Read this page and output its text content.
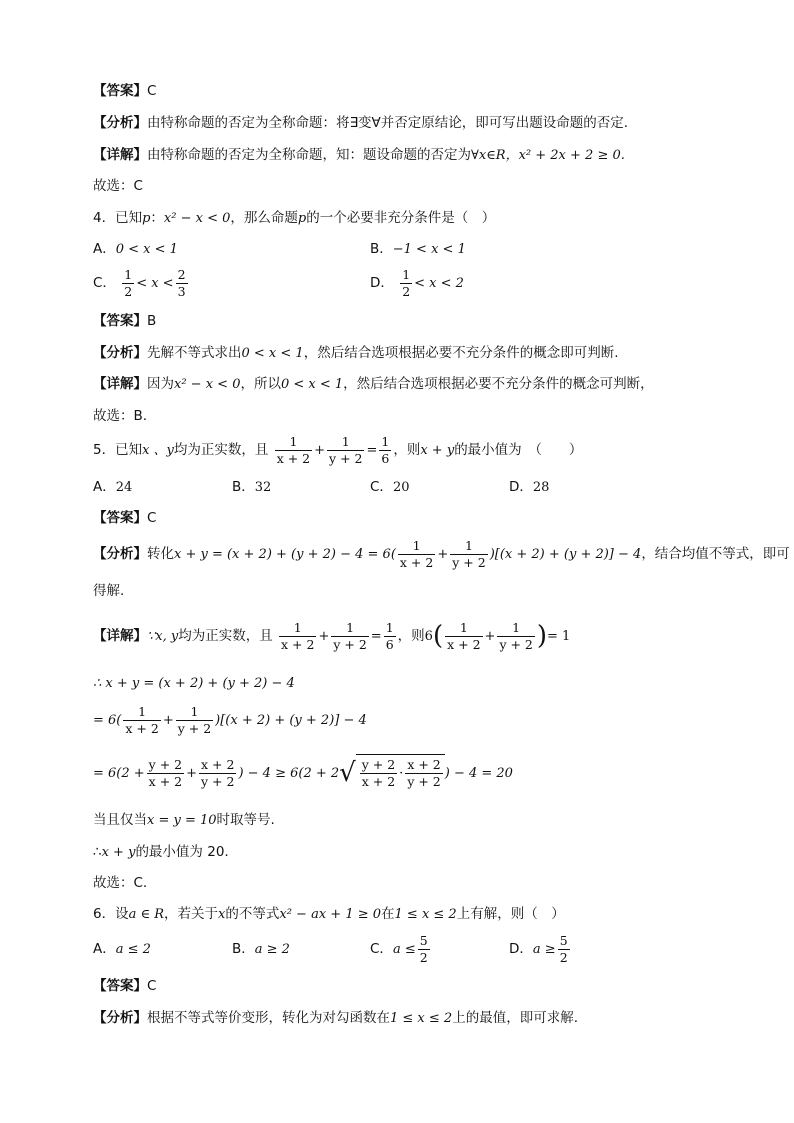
【答案】C
【分析】由特称命题的否定为全称命题：将∃变∀并否定原结论，即可写出题设命题的否定.
【详解】由特称命题的否定为全称命题，知：题设命题的否定为∀x∈R，x² + 2x + 2 ≥ 0.
故选：C
4．已知p：x² − x < 0，那么命题p的一个必要非充分条件是（　）
A．0 < x < 1	B．−1 < x < 1
C． $\frac{1}{2} < x < \frac{2}{3}$	D． $\frac{1}{2} < x < 2$
【答案】B
【分析】先解不等式求出0 < x < 1，然后结合选项根据必要不充分条件的概念即可判断.
【详解】因为x² − x < 0，所以0 < x < 1，然后结合选项根据必要不充分条件的概念可判断，
故选：B.
5．已知x 、y均为正实数，且 $\frac{1}{x + 2} + \frac{1}{y + 2} = \frac{1}{6}$ ，则x + y的最小值为　（　　）
A．24	B．32	C．20	D．28
【答案】C
【分析】转化$x + y = (x + 2) + (y + 2) - 4 = 6( \frac{1}{x + 2} + \frac{1}{y + 2} )[(x + 2) + (y + 2)] - 4$，结合均值不等式，即可
得解.
【详解】∵x, y均为正实数，且 $\frac{1}{x + 2} + \frac{1}{y + 2} = \frac{1}{6}$ ，则$6( \frac{1}{x + 2} + \frac{1}{y + 2}$ )= 1
∴ x + y = (x + 2) + (y + 2) − 4
= $6( \frac{1}{x + 2} + \frac{1}{y + 2} )[(x + 2) + (y + 2)] - 4$
= $6(2 + \frac{y + 2}{x + 2} + \frac{x + 2}{y + 2}$ ) − $4 \ge 6(2 + 2√ \frac{y + 2}{x + 2} \cdot \frac{x + 2}{y + 2}$ ) − 4 = 20
当且仅当x = y = 10时取等号.
∴x + y的最小值为 20.
故选：C.
6．设a ∈ R，若关于x的不等式x² − ax + 1 ≥ 0在1 ≤ x ≤ 2上有解，则（　）
A．a ≤ 2	B．a ≥ 2	C．$a \le \frac{5}{2}$	D．$a \ge \frac{5}{2}$
【答案】C
【分析】根据不等式等价变形，转化为对勾函数在1 ≤ x ≤ 2上的最值，即可求解.
